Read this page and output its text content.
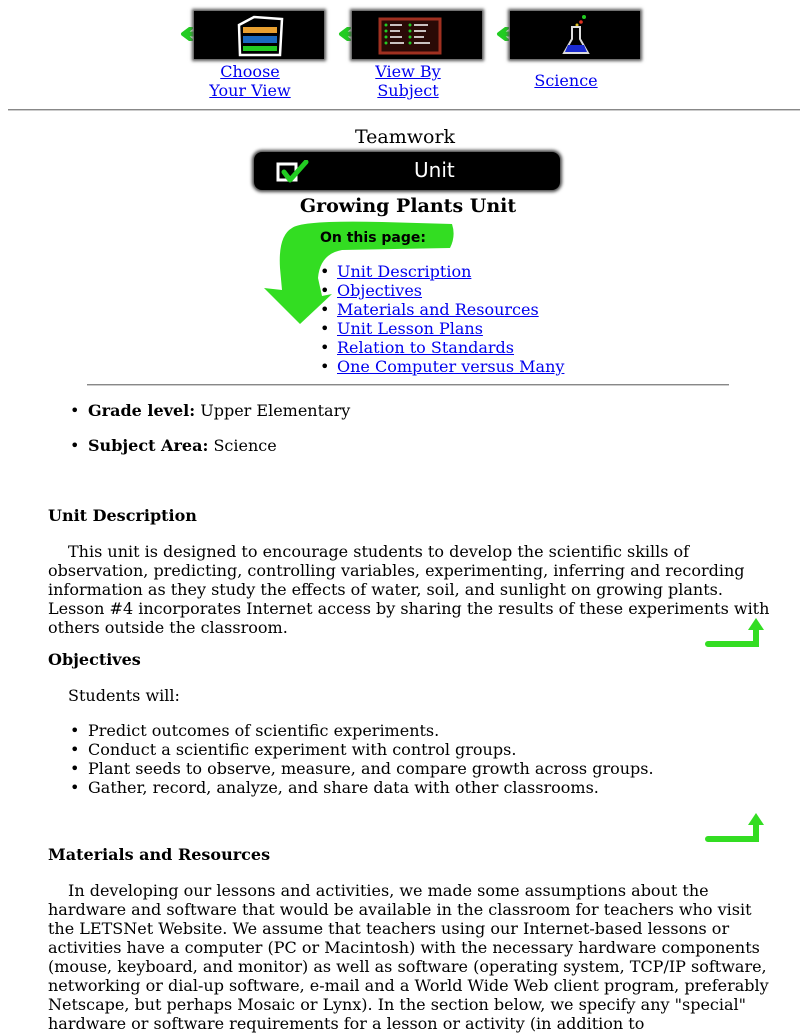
Choose
Your View
View By
Subject
Science
Teamwork
Unit
Growing Plants Unit
On this page:
• Unit Description
• Objectives
• Materials and Resources
• Unit Lesson Plans
• Relation to Standards
• One Computer versus Many
• Grade level: Upper Elementary
• Subject Area: Science
Unit Description

This unit is designed to encourage students to develop the scientific skills of observation, predicting, controlling variables, experimenting, inferring and recording information as they study the effects of water, soil, and sunlight on growing plants. Lesson #4 incorporates Internet access by sharing the results of these experiments with others outside the classroom.

Objectives

Students will:

• Predict outcomes of scientific experiments.
• Conduct a scientific experiment with control groups.
• Plant seeds to observe, measure, and compare growth across groups.
• Gather, record, analyze, and share data with other classrooms.
Materials and Resources

In developing our lessons and activities, we made some assumptions about the hardware and software that would be available in the classroom for teachers who visit the LETSNet Website. We assume that teachers using our Internet-based lessons or activities have a computer (PC or Macintosh) with the necessary hardware components (mouse, keyboard, and monitor) as well as software (operating system, TCP/IP software, networking or dial-up software, e-mail and a World Wide Web client program, preferably Netscape, but perhaps Mosaic or Lynx). In the section below, we specify any "special" hardware or software requirements for a lesson or activity (in addition to
